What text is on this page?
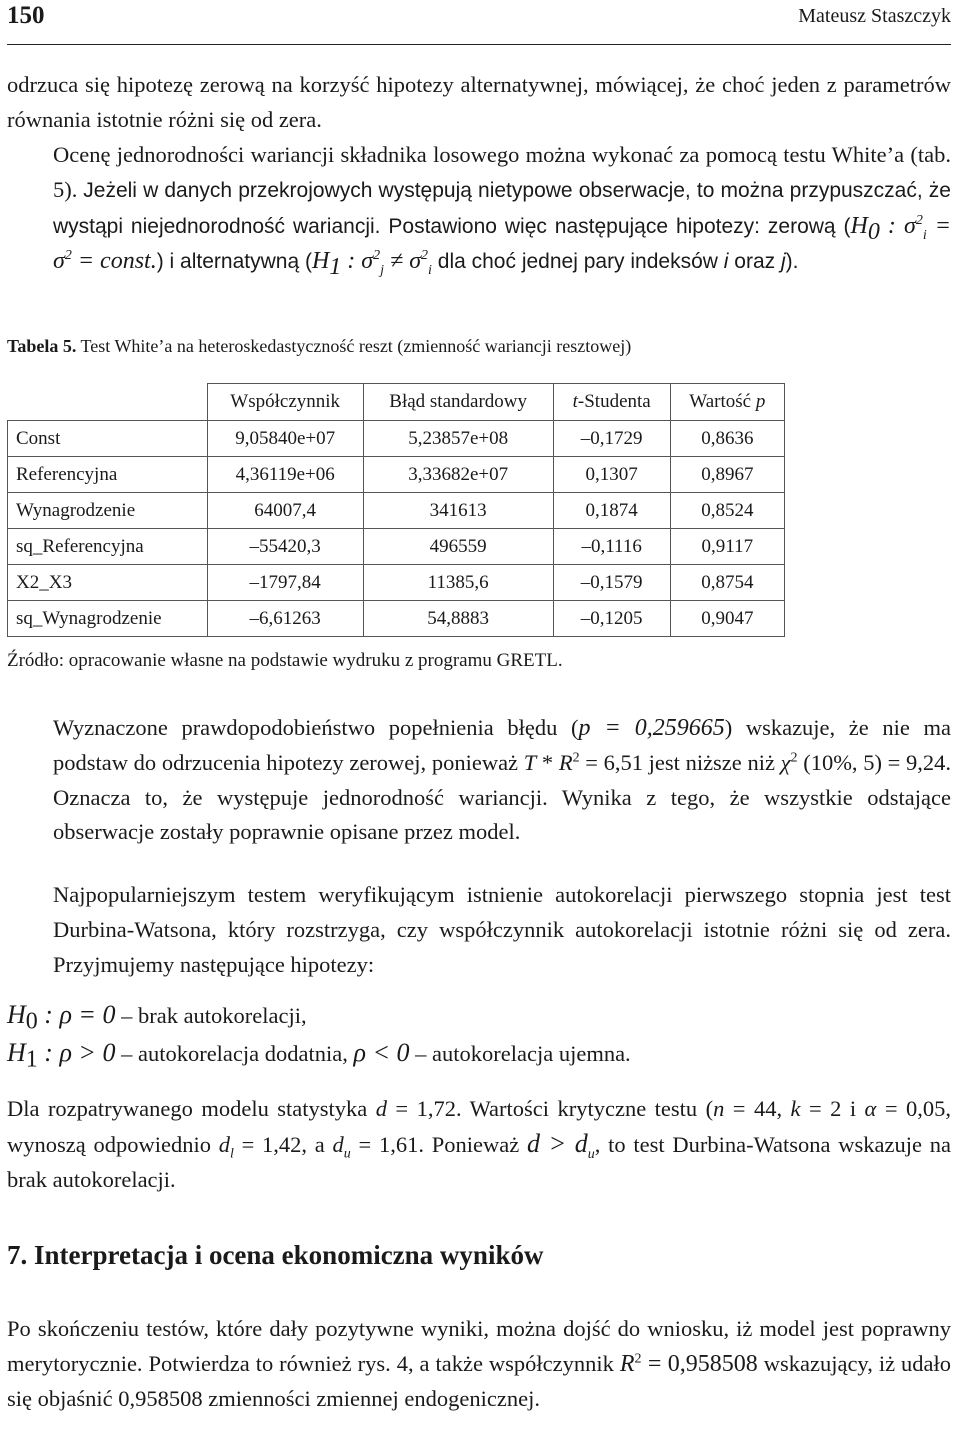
150	Mateusz Staszczyk

odrzuca się hipotezę zerową na korzyść hipotezy alternatywnej, mówiącej, że choć jeden z parametrów równania istotnie różni się od zera.

Ocenę jednorodności wariancji składnika losowego można wykonać za pomocą testu White’a (tab. 5). Jeżeli w danych przekrojowych występują nietypowe obserwacje, to można przypuszczać, że wystąpi niejednorodność wariancji. Postawiono więc następujące hipotezy: zerową ($H_0$ : $\sigma^2_i = \sigma^2$ = const.) i alternatywną ($H_1$ : $\sigma^2_j \ne \sigma^2_i$ dla choć jednej pary indeksów i oraz j).

Tabela 5. Test White’a na heteroskedastyczność reszt (zmienność wariancji resztowej)
	Współczynnik	Błąd standardowy	t-Studenta	Wartość p
Const	9,05840e+07	5,23857e+08	–0,1729	0,8636
Referencyjna	4,36119e+06	3,33682e+07	0,1307	0,8967
Wynagrodzenie	64007,4	341613	0,1874	0,8524
sq_Referencyjna	–55420,3	496559	–0,1116	0,9117
X2_X3	–1797,84	11385,6	–0,1579	0,8754
sq_Wynagrodzenie	–6,61263	54,8883	–0,1205	0,9047
Źródło: opracowanie własne na podstawie wydruku z programu GRETL.

Wyznaczone prawdopodobieństwo popełnienia błędu (p = 0,259665) wskazuje, że nie ma podstaw do odrzucenia hipotezy zerowej, ponieważ $T * R^2 = 6,51$ jest niższe niż $\chi^2$ (10%, 5) = 9,24. Oznacza to, że występuje jednorodność wariancji. Wynika z tego, że wszystkie odstające obserwacje zostały poprawnie opisane przez model.

Najpopularniejszym testem weryfikującym istnienie autokorelacji pierwszego stopnia jest test Durbina-Watsona, który rozstrzyga, czy współczynnik autokorelacji istotnie różni się od zera. Przyjmujemy następujące hipotezy:

$H_0$ : ρ = 0 – brak autokorelacji,
$H_1$ : ρ > 0 – autokorelacja dodatnia, ρ < 0 – autokorelacja ujemna.

Dla rozpatrywanego modelu statystyka d = 1,72. Wartości krytyczne testu (n = 44, k = 2 i α = 0,05, wynoszą odpowiednio $d_l = 1,42$, a $d_u = 1,61$. Ponieważ $d > d_u$, to test Durbina-Watsona wskazuje na brak autokorelacji.

7. Interpretacja i ocena ekonomiczna wyników

Po skończeniu testów, które dały pozytywne wyniki, można dojść do wniosku, iż model jest poprawny merytorycznie. Potwierdza to również rys. 4, a także współczynnik $R^2 = 0,958508$ wskazujący, iż udało się objaśnić 0,958508 zmienności zmiennej endogenicznej.
